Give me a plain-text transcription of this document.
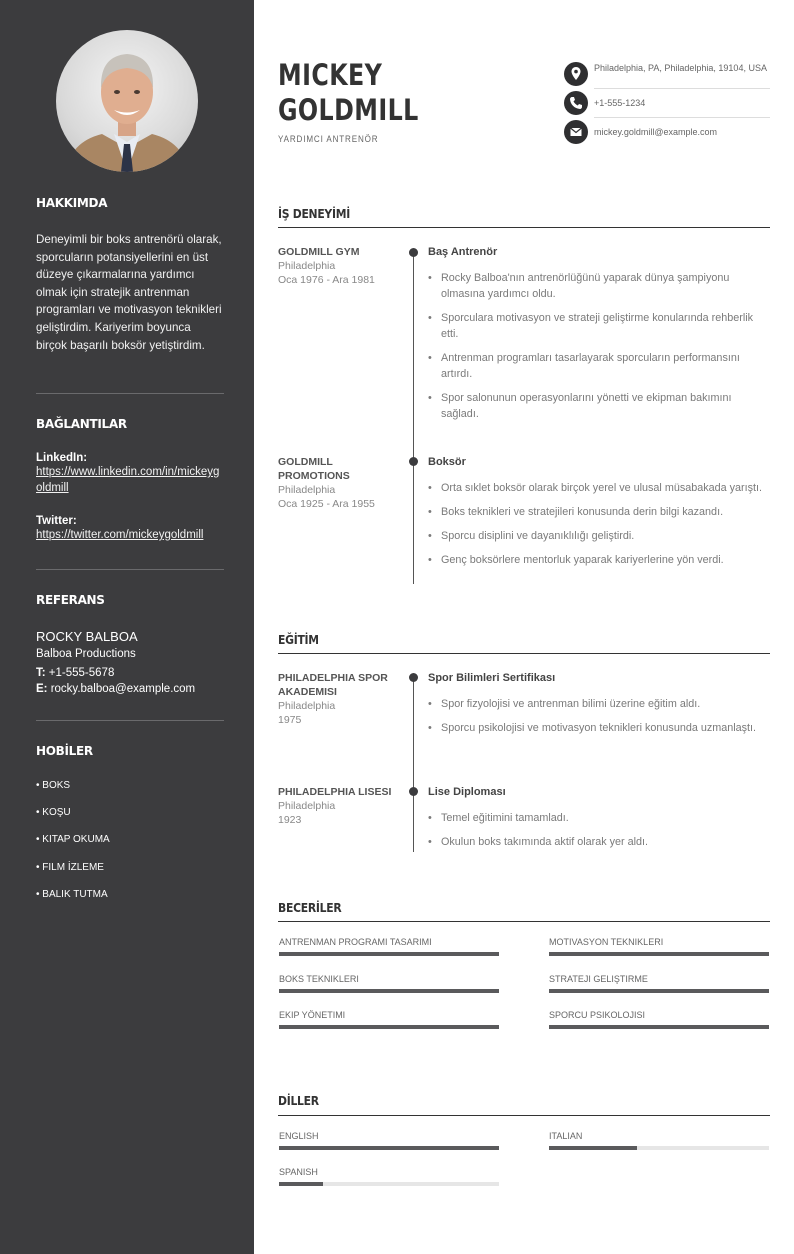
HAKKIMDA
Deneyimli bir boks antrenörü olarak, sporcuların potansiyellerini en üst düzeye çıkarmalarına yardımcı olmak için stratejik antrenman programları ve motivasyon teknikleri geliştirdim. Kariyerim boyunca birçok başarılı boksör yetiştirdim.
BAĞLANTILAR
LinkedIn:
https://www.linkedin.com/in/mickeygoldmill
Twitter:
https://twitter.com/mickeygoldmill
REFERANS
ROCKY BALBOA
Balboa Productions
T: +1-555-5678
E: rocky.balboa@example.com
HOBİLER
• BOKS
• KOŞU
• KITAP OKUMA
• FILM İZLEME
• BALIK TUTMA
MICKEY
GOLDMILL
YARDIMCI ANTRENÖR
Philadelphia, PA, Philadelphia, 19104, USA
+1-555-1234
mickey.goldmill@example.com
İŞ DENEYİMİ
GOLDMILL GYM
Philadelphia
Oca 1976 - Ara 1981
Baş Antrenör
• Rocky Balboa'nın antrenörlüğünü yaparak dünya şampiyonu olmasına yardımcı oldu.
• Sporculara motivasyon ve strateji geliştirme konularında rehberlik etti.
• Antrenman programları tasarlayarak sporcuların performansını artırdı.
• Spor salonunun operasyonlarını yönetti ve ekipman bakımını sağladı.
GOLDMILL PROMOTIONS
Philadelphia
Oca 1925 - Ara 1955
Boksör
• Orta sıklet boksör olarak birçok yerel ve ulusal müsabakada yarıştı.
• Boks teknikleri ve stratejileri konusunda derin bilgi kazandı.
• Sporcu disiplini ve dayanıklılığı geliştirdi.
• Genç boksörlere mentorluk yaparak kariyerlerine yön verdi.
EĞİTİM
PHILADELPHIA SPOR AKADEMISI
Philadelphia
1975
Spor Bilimleri Sertifikası
• Spor fizyolojisi ve antrenman bilimi üzerine eğitim aldı.
• Sporcu psikolojisi ve motivasyon teknikleri konusunda uzmanlaştı.
PHILADELPHIA LISESI
Philadelphia
1923
Lise Diploması
• Temel eğitimini tamamladı.
• Okulun boks takımında aktif olarak yer aldı.
BECERİLER
ANTRENMAN PROGRAMI TASARIMI	MOTIVASYON TEKNIKLERI
BOKS TEKNIKLERI	STRATEJI GELIŞTIRME
EKIP YÖNETIMI	SPORCU PSIKOLOJISI
DİLLER
ENGLISH	ITALIAN
SPANISH
